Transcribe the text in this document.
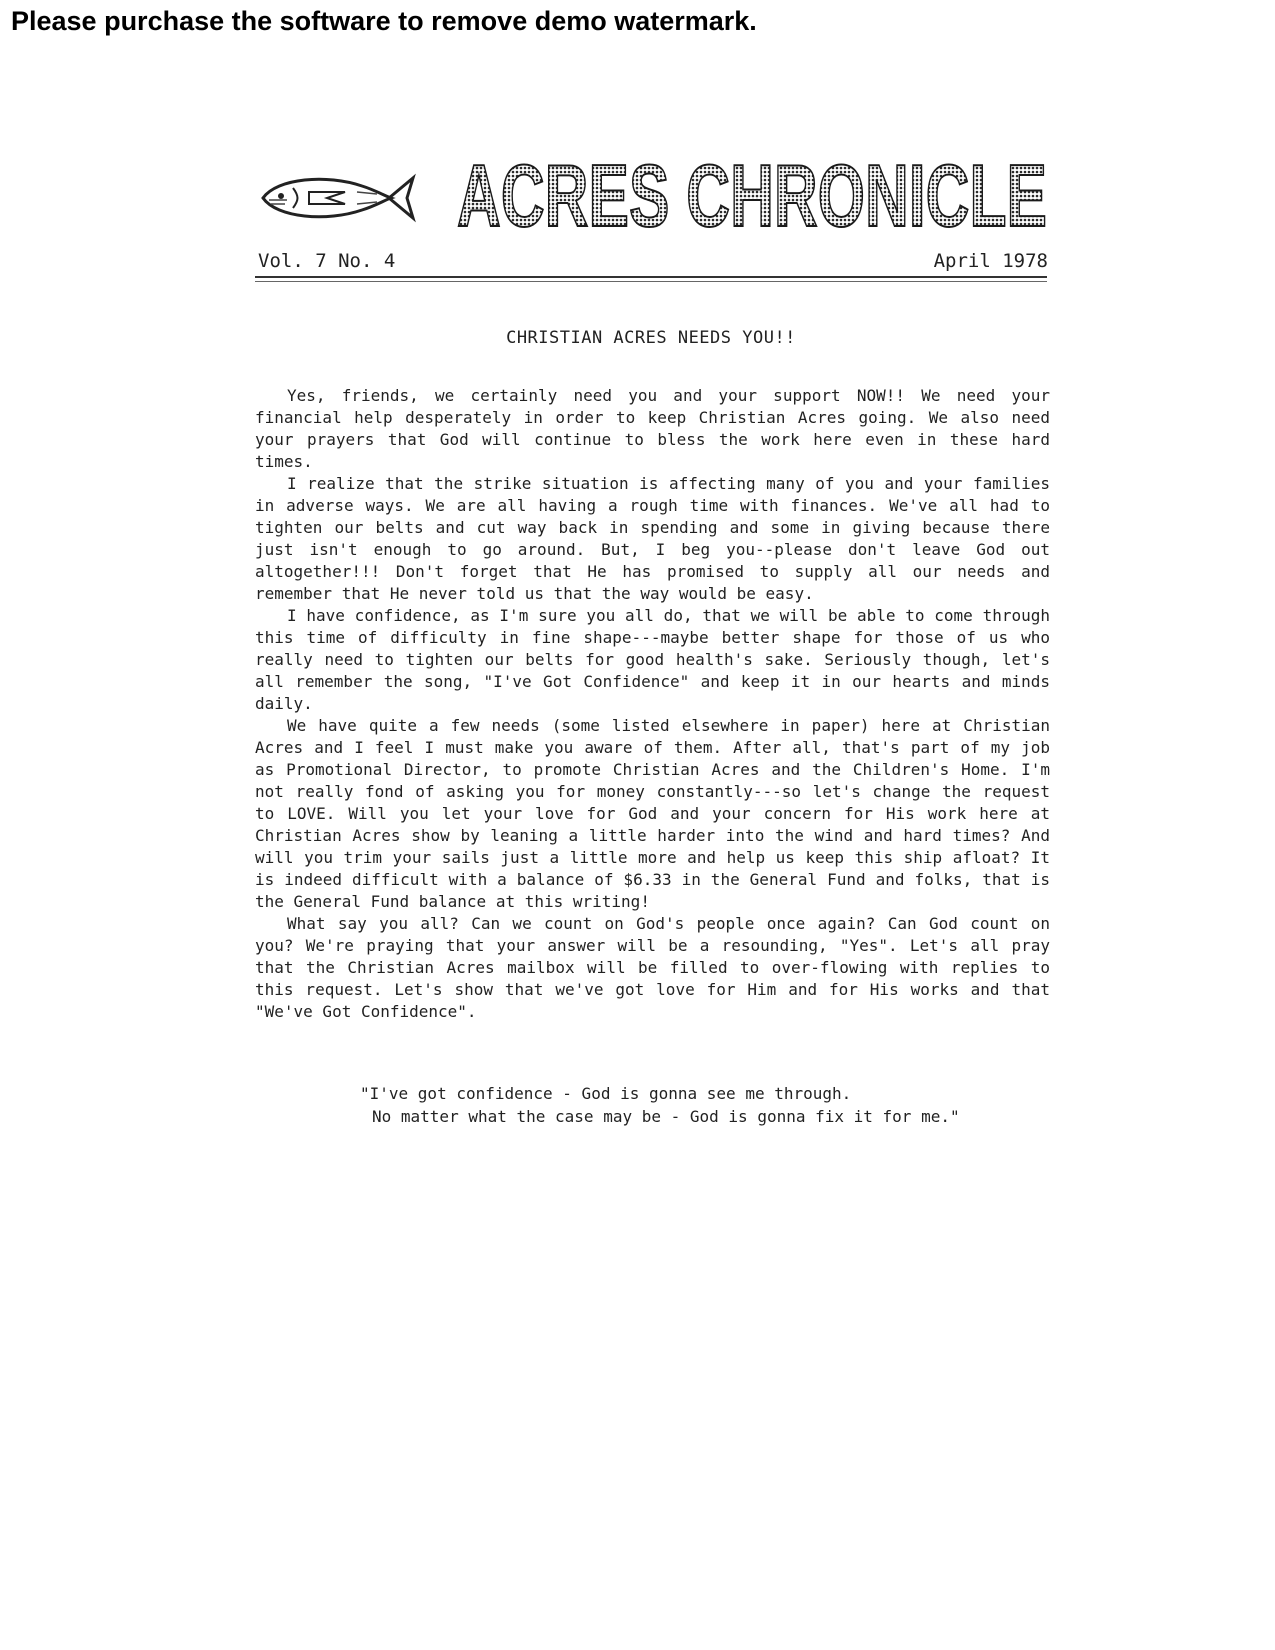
Please purchase the software to remove demo watermark.
ACRES CHRONICLE
Vol. 7 No. 4	April 1978
CHRISTIAN ACRES NEEDS YOU!!

Yes, friends, we certainly need you and your support NOW!! We need your financial help desperately in order to keep Christian Acres going. We also need your prayers that God will continue to bless the work here even in these hard times.

I realize that the strike situation is affecting many of you and your families in adverse ways. We are all having a rough time with finances. We've all had to tighten our belts and cut way back in spending and some in giving because there just isn't enough to go around. But, I beg you--please don't leave God out altogether!!! Don't forget that He has promised to supply all our needs and remember that He never told us that the way would be easy.

I have confidence, as I'm sure you all do, that we will be able to come through this time of difficulty in fine shape---maybe better shape for those of us who really need to tighten our belts for good health's sake. Seriously though, let's all remember the song, "I've Got Confidence" and keep it in our hearts and minds daily.

We have quite a few needs (some listed elsewhere in paper) here at Christian Acres and I feel I must make you aware of them. After all, that's part of my job as Promotional Director, to promote Christian Acres and the Children's Home. I'm not really fond of asking you for money constantly---so let's change the request to LOVE. Will you let your love for God and your concern for His work here at Christian Acres show by leaning a little harder into the wind and hard times? And will you trim your sails just a little more and help us keep this ship afloat? It is indeed difficult with a balance of $6.33 in the General Fund and folks, that is the General Fund balance at this writing!

What say you all? Can we count on God's people once again? Can God count on you? We're praying that your answer will be a resounding, "Yes". Let's all pray that the Christian Acres mailbox will be filled to over-flowing with replies to this request. Let's show that we've got love for Him and for His works and that "We've Got Confidence".

"I've got confidence - God is gonna see me through.
No matter what the case may be - God is gonna fix it for me."
